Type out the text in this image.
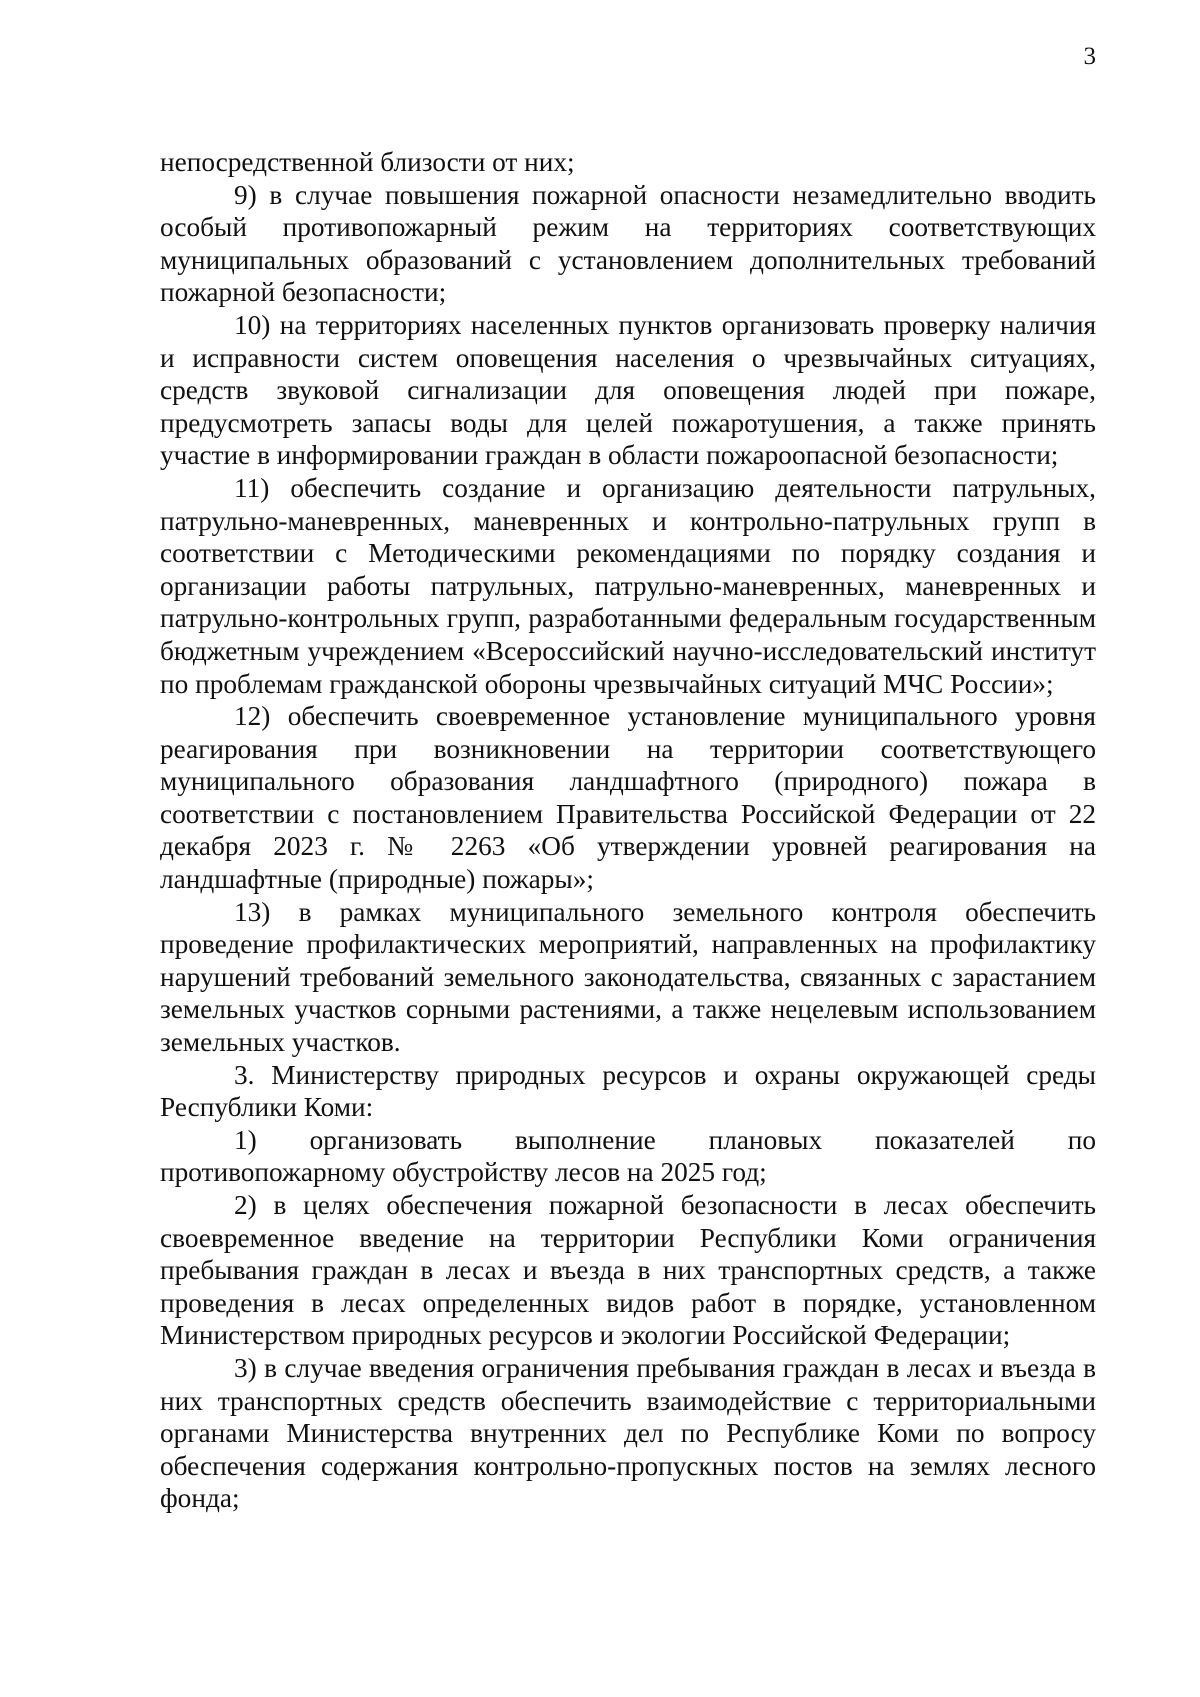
3

непосредственной близости от них;

9) в случае повышения пожарной опасности незамедлительно вводить особый противопожарный режим на территориях соответствующих муниципальных образований с установлением дополнительных требований пожарной безопасности;

10) на территориях населенных пунктов организовать проверку наличия и исправности систем оповещения населения о чрезвычайных ситуациях, средств звуковой сигнализации для оповещения людей при пожаре, предусмотреть запасы воды для целей пожаротушения, а также принять участие в информировании граждан в области пожароопасной безопасности;

11) обеспечить создание и организацию деятельности патрульных, патрульно-маневренных, маневренных и контрольно-патрульных групп в соответствии с Методическими рекомендациями по порядку создания и организации работы патрульных, патрульно-маневренных, маневренных и патрульно-контрольных групп, разработанными федеральным государственным бюджетным учреждением «Всероссийский научно-исследовательский институт по проблемам гражданской обороны чрезвычайных ситуаций МЧС России»;

12) обеспечить своевременное установление муниципального уровня реагирования при возникновении на территории соответствующего муниципального образования ландшафтного (природного) пожара в соответствии с постановлением Правительства Российской Федерации от 22 декабря 2023 г. № 2263 «Об утверждении уровней реагирования на ландшафтные (природные) пожары»;

13) в рамках муниципального земельного контроля обеспечить проведение профилактических мероприятий, направленных на профилактику нарушений требований земельного законодательства, связанных с зарастанием земельных участков сорными растениями, а также нецелевым использованием земельных участков.

3. Министерству природных ресурсов и охраны окружающей среды Республики Коми:

1) организовать выполнение плановых показателей по противопожарному обустройству лесов на 2025 год;

2) в целях обеспечения пожарной безопасности в лесах обеспечить своевременное введение на территории Республики Коми ограничения пребывания граждан в лесах и въезда в них транспортных средств, а также проведения в лесах определенных видов работ в порядке, установленном Министерством природных ресурсов и экологии Российской Федерации;

3) в случае введения ограничения пребывания граждан в лесах и въезда в них транспортных средств обеспечить взаимодействие с территориальными органами Министерства внутренних дел по Республике Коми по вопросу обеспечения содержания контрольно-пропускных постов на землях лесного фонда;
